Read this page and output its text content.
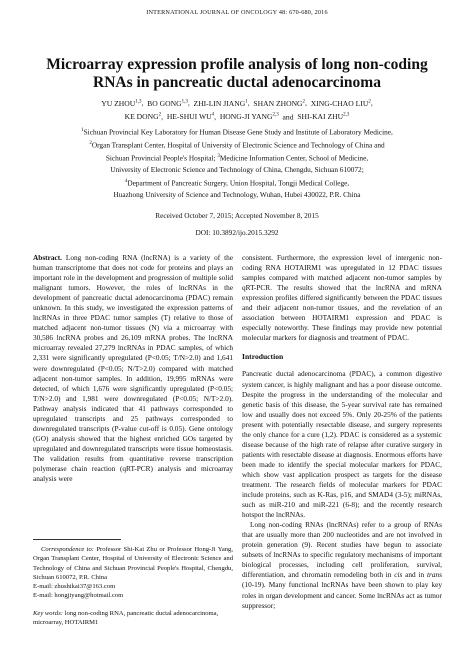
INTERNATIONAL JOURNAL OF ONCOLOGY 48: 670-680, 2016
Microarray expression profile analysis of long non-coding
RNAs in pancreatic ductal adenocarcinoma
YU ZHOU$^{1,3}$,  BO GONG$^{1,3}$,  ZHI-LIN JIANG$^1$,  SHAN ZHONG$^2$,  XING-CHAO LIU$^2$,
KE DONG$^2$,  HE-SHUI $WU^4$,  HONG-JI YANG$^{2,3}$  and  SHI-KAI ZHU$^{2,3}$
$^1$Sichuan Provincial Key Laboratory for Human Disease Gene Study and Institute of Laboratory Medicine,
$^2$Organ Transplant Center, Hospital of University of Electronic Science and Technology of China and
Sichuan Provincial People's Hospital; $^3$Medicine Information Center, School of Medicine,
University of Electronic Science and Technology of China, Chengdu, Sichuan 610072;
$^4$Department of Pancreatic Surgery, Union Hospital, Tongji Medical College,
Huazhong University of Science and Technology, Wuhan, Hubei 430022, P.R. China
Received October 7, 2015; Accepted November 8, 2015
DOI: 10.3892/ijo.2015.3292

Abstract. Long non-coding RNA (lncRNA) is a variety of the human transcriptome that does not code for proteins and plays an important role in the development and progression of multiple solid malignant tumors. However, the roles of lncRNAs in the development of pancreatic ductal adenocarcinoma (PDAC) remain unknown. In this study, we investigated the expression patterns of lncRNAs in three PDAC tumor samples (T) relative to those of matched adjacent non-tumor tissues (N) via a microarray with 30,586 lncRNA probes and 26,109 mRNA probes. The lncRNA microarray revealed 27,279 lncRNAs in PDAC samples, of which 2,331 were significantly upregulated (P<0.05; T/N>2.0) and 1,641 were downregulated (P<0.05; N/T>2.0) compared with matched adjacent non-tumor samples. In addition, 19,995 mRNAs were detected, of which 1,676 were significantly upregulated (P<0.05; T/N>2.0) and 1,981 were downregulated (P<0.05; N/T>2.0). Pathway analysis indicated that 41 pathways corresponded to upregulated transcripts and 25 pathways corresponded to downregulated transcripts (P-value cut-off is 0.05). Gene ontology (GO) analysis showed that the highest enriched GOs targeted by upregulated and downregulated transcripts were tissue homeostasis. The validation results from quantitative reverse transcription polymerase chain reaction (qRT-PCR) analysis and microarray analysis were

consistent. Furthermore, the expression level of intergenic non-coding RNA HOTAIRM1 was upregulated in 12 PDAC tissues samples compared with matched adjacent non-tumor samples by qRT-PCR. The results showed that the lncRNA and mRNA expression profiles differed significantly between the PDAC tissues and their adjacent non-tumor tissues, and the revelation of an association between HOTAIRM1 expression and PDAC is especially noteworthy. These findings may provide new potential molecular markers for diagnosis and treatment of PDAC.

Introduction

Pancreatic ductal adenocarcinoma (PDAC), a common digestive system cancer, is highly malignant and has a poor disease outcome. Despite the progress in the understanding of the molecular and genetic basis of this disease, the 5-year survival rate has remained low and usually does not exceed 5%. Only 20-25% of the patients present with potentially resectable disease, and surgery represents the only chance for a cure (1,2). PDAC is considered as a systemic disease because of the high rate of relapse after curative surgery in patients with resectable disease at diagnosis. Enormous efforts have been made to identify the special molecular markers for PDAC, which show vast application prospect as targets for the disease treatment. The research fields of molecular markers for PDAC include proteins, such as K-Ras, p16, and SMAD4 (3-5); miRNAs, such as miR-210 and miR-221 (6-8); and the recently research hotspot the lncRNAs.

Long non-coding RNAs (lncRNAs) refer to a group of RNAs that are usually more than 200 nucleotides and are not involved in protein generation (9). Recent studies have begun to associate subsets of lncRNAs to specific regulatory mechanisms of important biological processes, including cell proliferation, survival, differentiation, and chromatin remodeling both in cis and in trans (10-19). Many functional lncRNAs have been shown to play key roles in organ development and cancer. Some lncRNAs act as tumor suppressor;

Correspondence to: Professor Shi-Kai Zhu or Professor Hong-Ji Yang, Organ Transplant Center, Hospital of University of Electronic Science and Technology of China and Sichuan Provincial People's Hospital, Chengdu, Sichuan 610072, P.R. China

E-mail: zhushikai37@163.com

E-mail: hongjiyang@hotmail.com

Key words: long non-coding RNA, pancreatic ductal adenocarcinoma, microarray, HOTAIRM1
